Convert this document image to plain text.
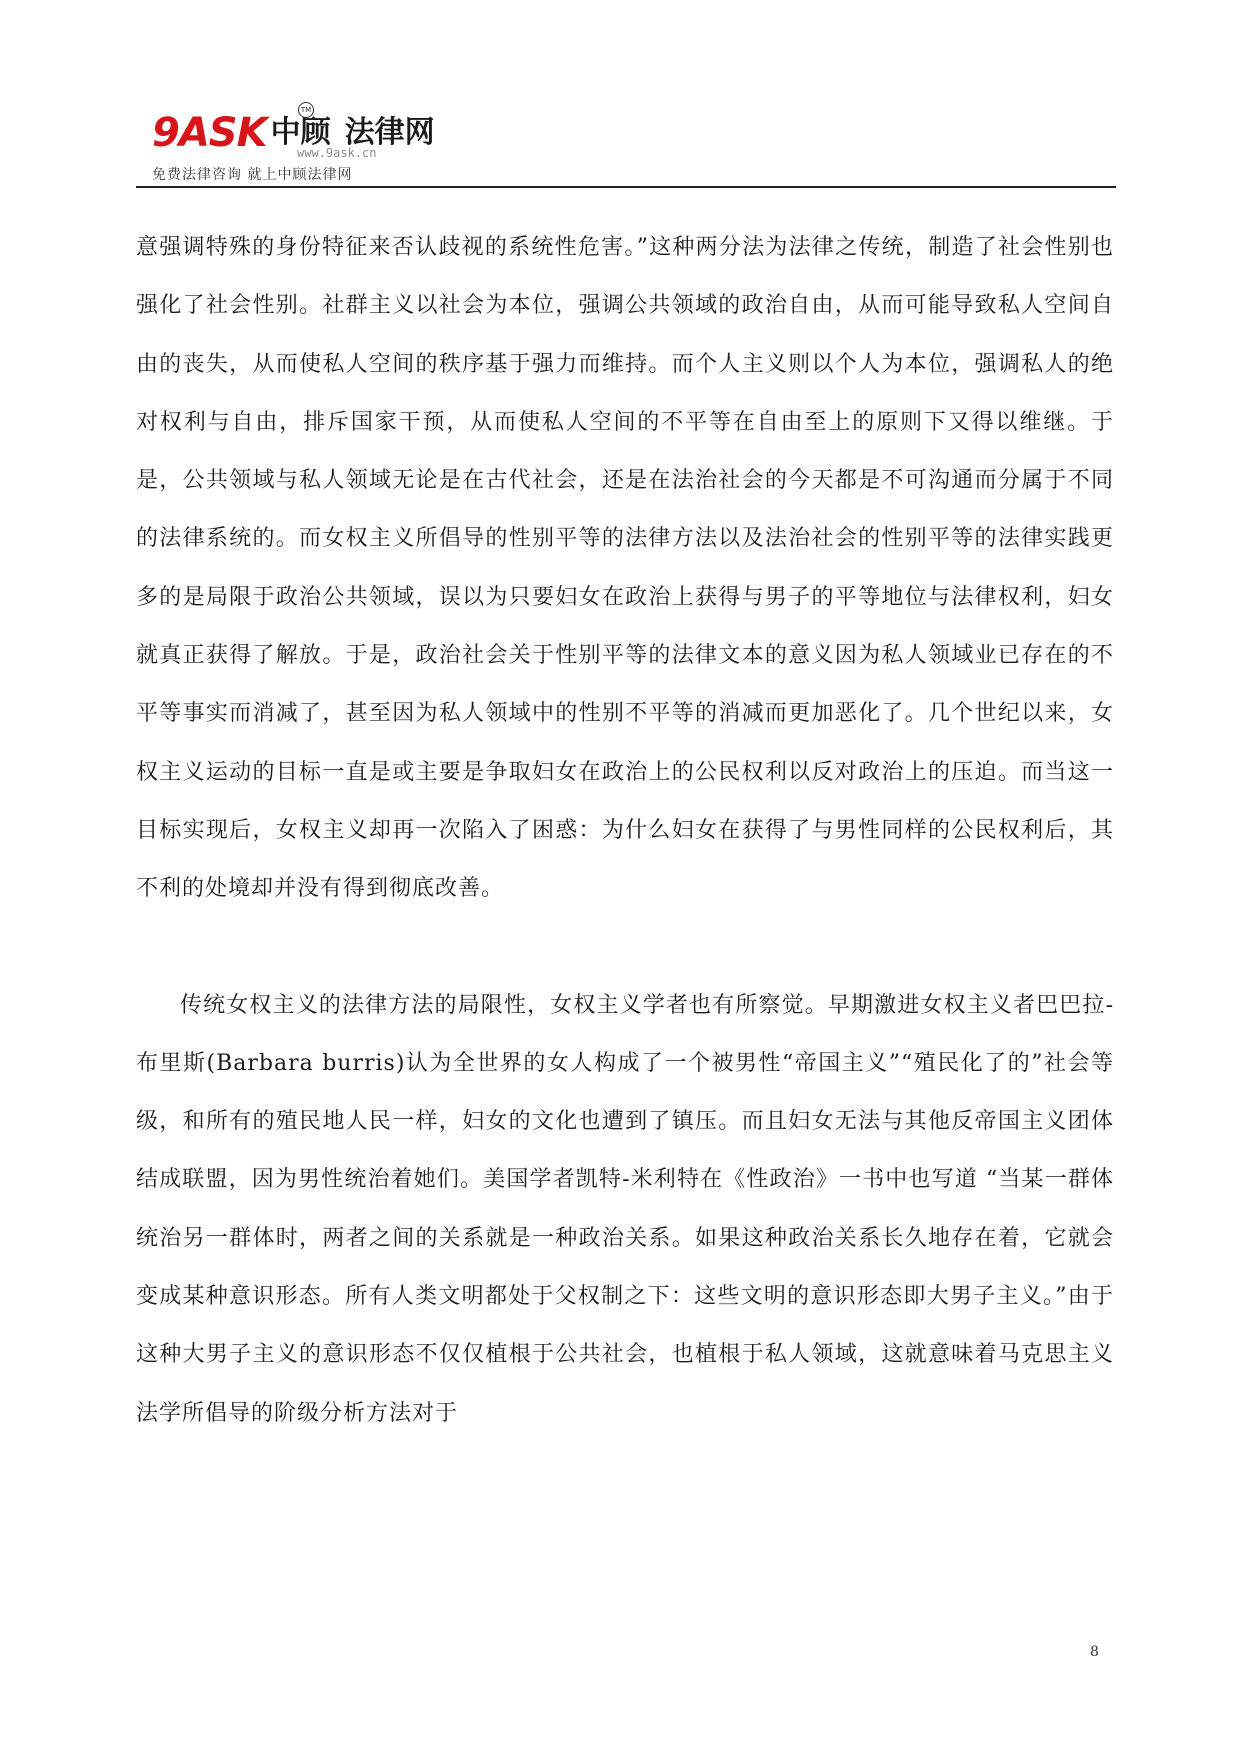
9ASK 中顾 法律网
TM
www.9ask.cn
免费法律咨询 就上中顾法律网

意强调特殊的身份特征来否认歧视的系统性危害。”这种两分法为法律之传统，制造了社会性别也强化了社会性别。社群主义以社会为本位，强调公共领域的政治自由，从而可能导致私人空间自由的丧失，从而使私人空间的秩序基于强力而维持。而个人主义则以个人为本位，强调私人的绝对权利与自由，排斥国家干预，从而使私人空间的不平等在自由至上的原则下又得以维继。于是，公共领域与私人领域无论是在古代社会，还是在法治社会的今天都是不可沟通而分属于不同的法律系统的。而女权主义所倡导的性别平等的法律方法以及法治社会的性别平等的法律实践更多的是局限于政治公共领域，误以为只要妇女在政治上获得与男子的平等地位与法律权利，妇女就真正获得了解放。于是，政治社会关于性别平等的法律文本的意义因为私人领域业已存在的不平等事实而消减了，甚至因为私人领域中的性别不平等的消减而更加恶化了。几个世纪以来，女权主义运动的目标一直是或主要是争取妇女在政治上的公民权利以反对政治上的压迫。而当这一目标实现后，女权主义却再一次陷入了困惑：为什么妇女在获得了与男性同样的公民权利后，其不利的处境却并没有得到彻底改善。

传统女权主义的法律方法的局限性，女权主义学者也有所察觉。早期激进女权主义者巴巴拉-布里斯(Barbara burris)认为全世界的女人构成了一个被男性“帝国主义”“殖民化了的”社会等级，和所有的殖民地人民一样，妇女的文化也遭到了镇压。而且妇女无法与其他反帝国主义团体结成联盟，因为男性统治着她们。美国学者凯特-米利特在《性政治》一书中也写道 “当某一群体统治另一群体时，两者之间的关系就是一种政治关系。如果这种政治关系长久地存在着，它就会变成某种意识形态。所有人类文明都处于父权制之下：这些文明的意识形态即大男子主义。”由于这种大男子主义的意识形态不仅仅植根于公共社会，也植根于私人领域，这就意味着马克思主义法学所倡导的阶级分析方法对于

8
